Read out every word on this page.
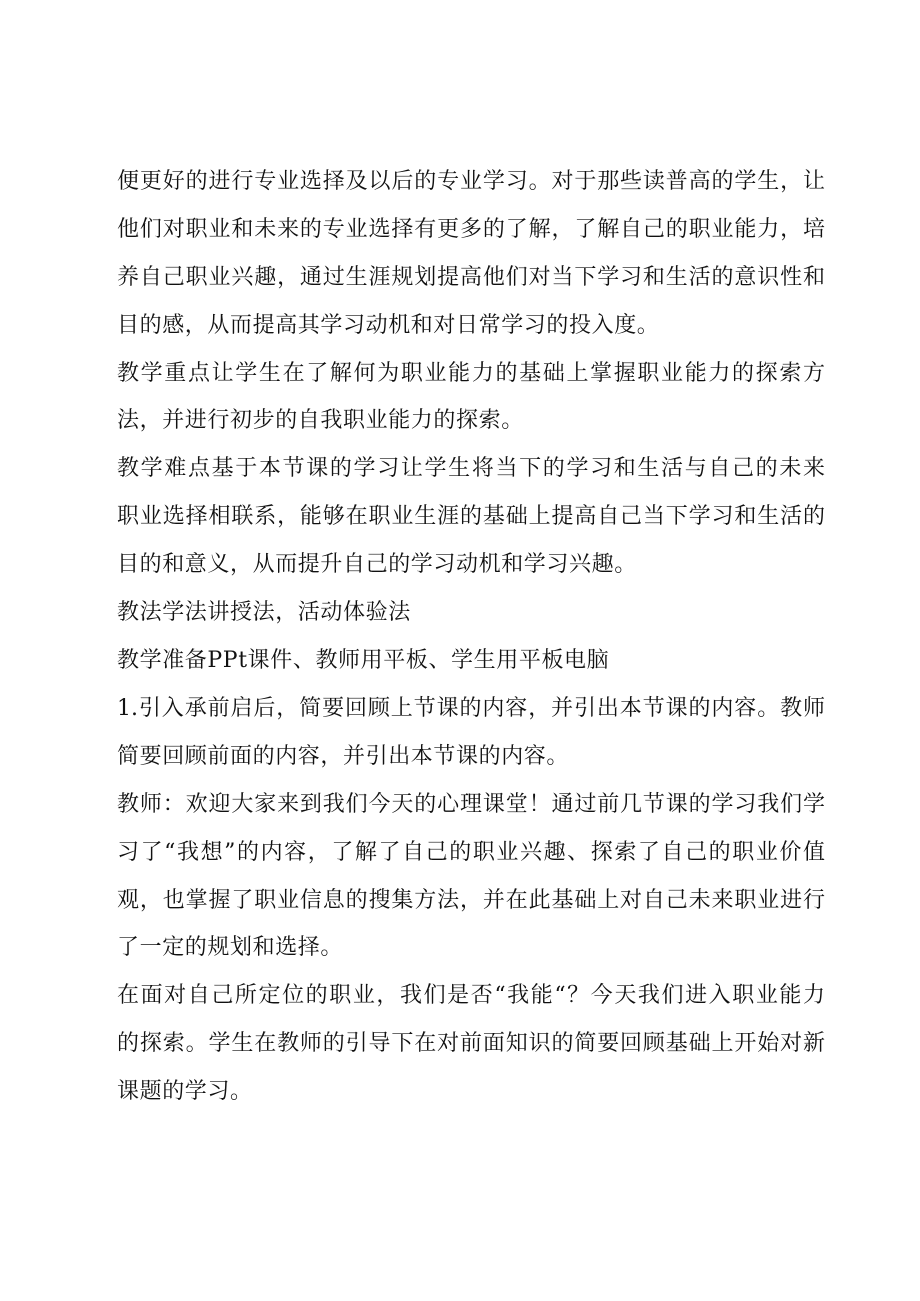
便更好的进行专业选择及以后的专业学习。对于那些读普高的学生，让
他们对职业和未来的专业选择有更多的了解，了解自己的职业能力，培
养自己职业兴趣，通过生涯规划提高他们对当下学习和生活的意识性和
目的感，从而提高其学习动机和对日常学习的投入度。
教学重点让学生在了解何为职业能力的基础上掌握职业能力的探索方
法，并进行初步的自我职业能力的探索。
教学难点基于本节课的学习让学生将当下的学习和生活与自己的未来
职业选择相联系，能够在职业生涯的基础上提高自己当下学习和生活的
目的和意义，从而提升自己的学习动机和学习兴趣。
教法学法讲授法，活动体验法
教学准备PPt课件、教师用平板、学生用平板电脑
1.引入承前启后，简要回顾上节课的内容，并引出本节课的内容。教师
简要回顾前面的内容，并引出本节课的内容。
教师：欢迎大家来到我们今天的心理课堂！通过前几节课的学习我们学
习了“我想”的内容，了解了自己的职业兴趣、探索了自己的职业价值
观，也掌握了职业信息的搜集方法，并在此基础上对自己未来职业进行
了一定的规划和选择。
在面对自己所定位的职业，我们是否“我能“？今天我们进入职业能力
的探索。学生在教师的引导下在对前面知识的简要回顾基础上开始对新
课题的学习。
